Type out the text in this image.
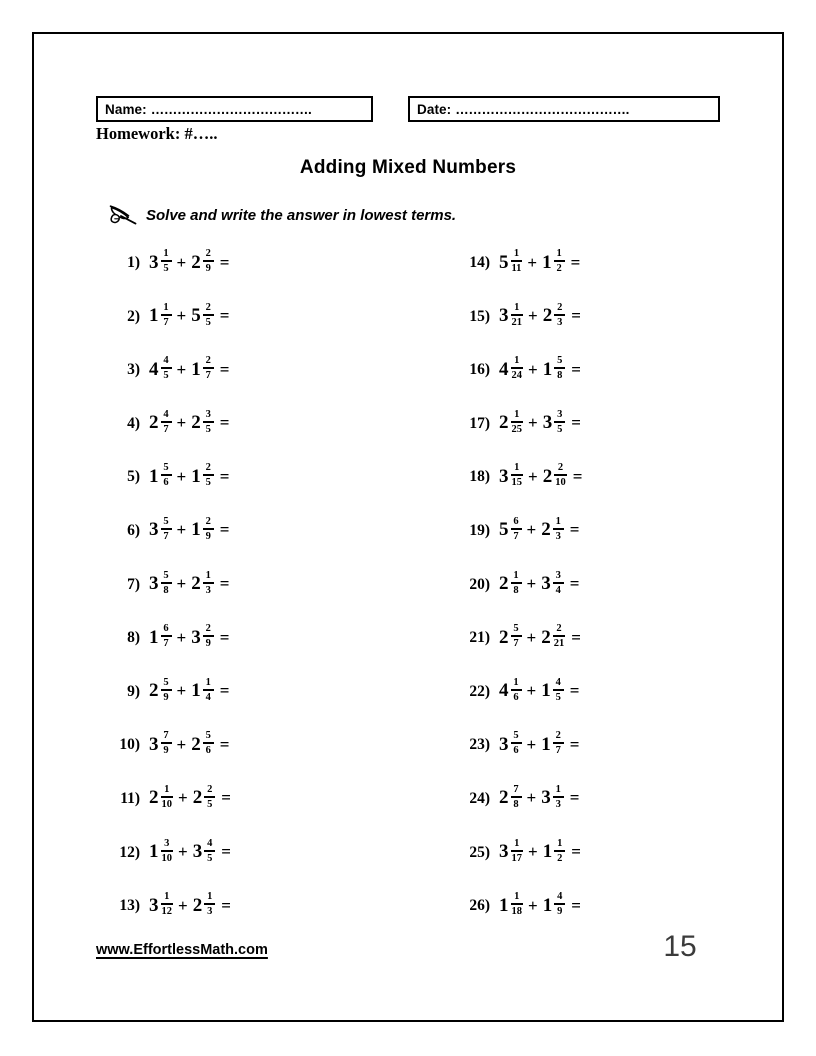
Name: ……………………………….	Date: ………………………………….
Homework: #…..
Adding Mixed Numbers
Solve and write the answer in lowest terms.
1) $3 \frac{1}{5} + 2 \frac{2}{9}$ =
2) $1 \frac{1}{7} + 5 \frac{2}{5}$ =
3) $4 \frac{4}{5} + 1 \frac{2}{7}$ =
4) $2 \frac{4}{7} + 2 \frac{3}{5}$ =
5) $1 \frac{5}{6} + 1 \frac{2}{5}$ =
6) $3 \frac{5}{7} + 1 \frac{2}{9}$ =
7) $3 \frac{5}{8} + 2 \frac{1}{3}$ =
8) $1 \frac{6}{7} + 3 \frac{2}{9}$ =
9) $2 \frac{5}{9} + 1 \frac{1}{4}$ =
10) $3 \frac{7}{9} + 2 \frac{5}{6}$ =
11) $2 \frac{1}{10} + 2 \frac{2}{5}$ =
12) $1 \frac{3}{10} + 3 \frac{4}{5}$ =
13) $3 \frac{1}{12} + 2 \frac{1}{3}$ =
14) $5 \frac{1}{11} + 1 \frac{1}{2}$ =
15) $3 \frac{1}{21} + 2 \frac{2}{3}$ =
16) $4 \frac{1}{24} + 1 \frac{5}{8}$ =
17) $2 \frac{1}{25} + 3 \frac{3}{5}$ =
18) $3 \frac{1}{15} + 2 \frac{2}{10}$ =
19) $5 \frac{6}{7} + 2 \frac{1}{3}$ =
20) $2 \frac{1}{8} + 3 \frac{3}{4}$ =
21) $2 \frac{5}{7} + 2 \frac{2}{21}$ =
22) $4 \frac{1}{6} + 1 \frac{4}{5}$ =
23) $3 \frac{5}{6} + 1 \frac{2}{7}$ =
24) $2 \frac{7}{8} + 3 \frac{1}{3}$ =
25) $3 \frac{1}{17} + 1 \frac{1}{2}$ =
26) $1 \frac{1}{18} + 1 \frac{4}{9}$ =
www.EffortlessMath.com	15
